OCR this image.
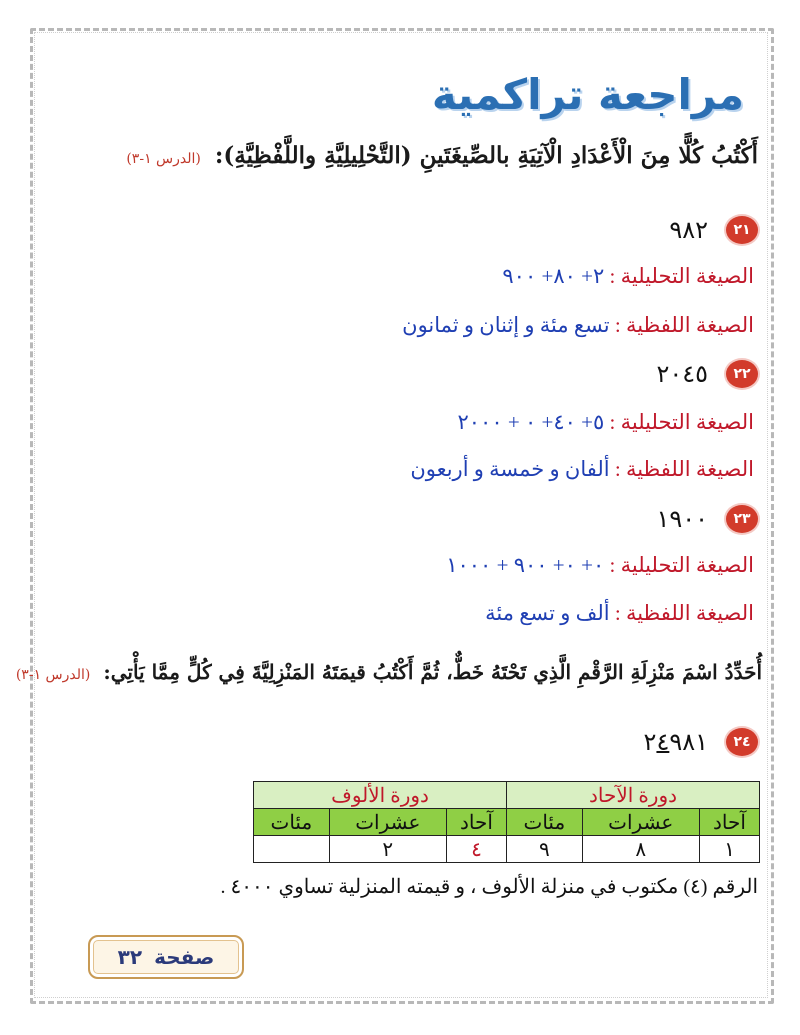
مراجعة تراكمية
أَكْتُبُ كُلًّا مِنَ الْأَعْدَادِ الْآتِيَةِ بالصِّيغَتَينِ (التَّحْلِيلِيَّةِ واللَّفْظِيَّةِ): (الدرس ١-٣)
٢١
٩٨٢
الصيغة التحليلية : ٢+ ٨٠+ ٩٠٠
الصيغة اللفظية : تسع مئة و إثنان و ثمانون
٢٢
٢٠٤٥
الصيغة التحليلية : ٥+ ٤٠+ ٠ + ٢٠٠٠
الصيغة اللفظية : ألفان و خمسة و أربعون
٢٣
١٩٠٠
الصيغة التحليلية : ٠+ ٠+ ٩٠٠ + ١٠٠٠
الصيغة اللفظية : ألف و تسع مئة
أُحَدِّدُ اسْمَ مَنْزِلَةِ الرَّقْمِ الَّذِي تَحْتَهُ خَطٌّ، ثُمَّ أَكْتُبُ قيمَتَهُ المَنْزِلِيَّةَ فِي كُلٍّ مِمَّا يَأْتِي: (الدرس ١-٣)
٢٤
٢٤٩٨١
دورة الآحاد			دورة الألوف		
آحاد	عشرات	مئات	آحاد	عشرات	مئات
١	٨	٩	٤	٢	
الرقم (٤) مكتوب في منزلة الألوف ، و قيمته المنزلية تساوي ٤٠٠٠ .
صفحة
٣٢
